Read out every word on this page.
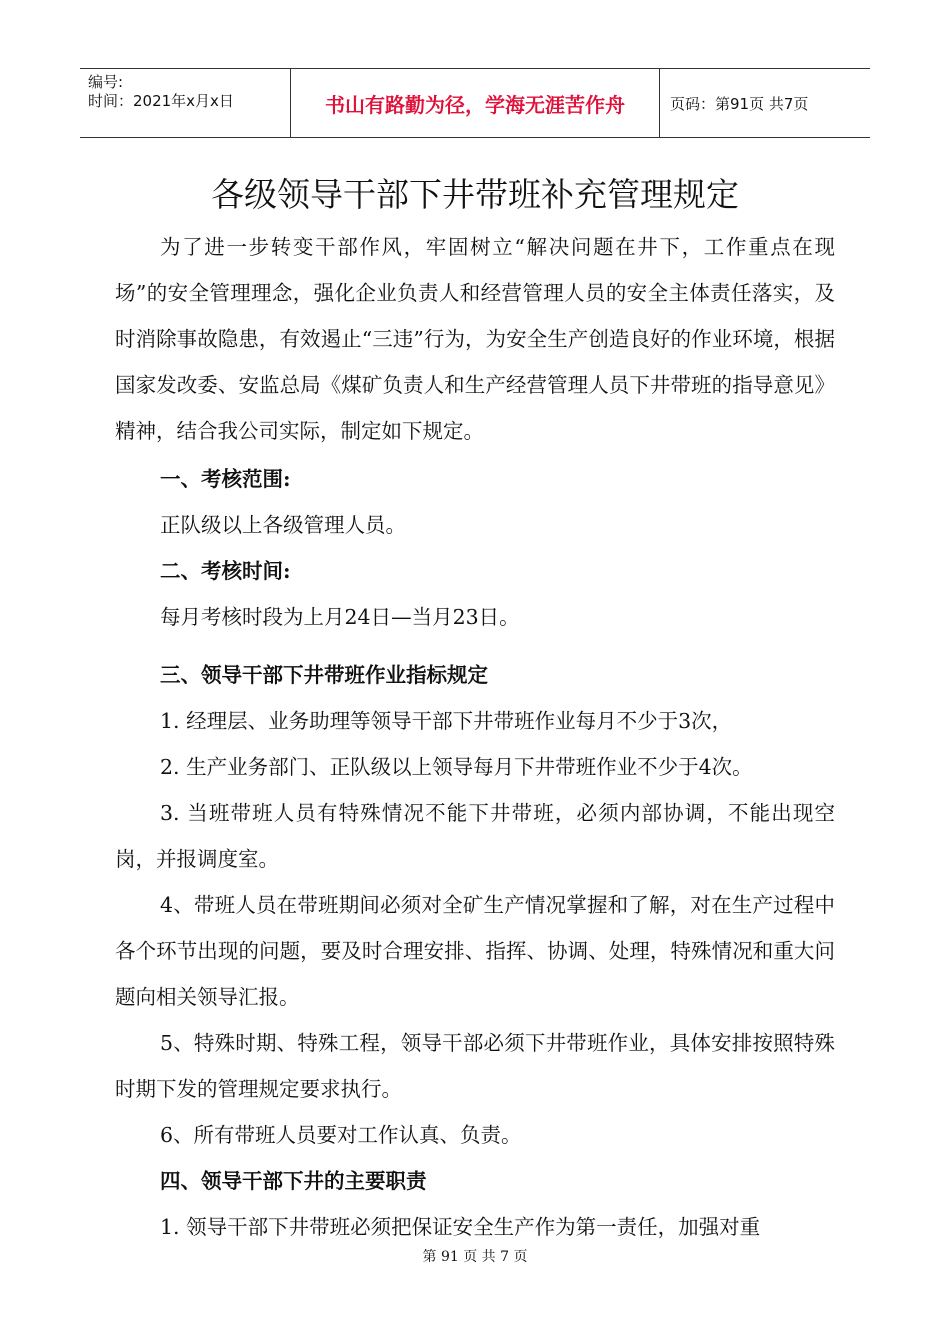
编号:
时间：2021年x月x日	书山有路勤为径，学海无涯苦作舟	页码：第91页 共7页
各级领导干部下井带班补充管理规定

为了进一步转变干部作风，牢固树立“解决问题在井下，工作重点在现场”的安全管理理念，强化企业负责人和经营管理人员的安全主体责任落实，及时消除事故隐患，有效遏止“三违”行为，为安全生产创造良好的作业环境，根据国家发改委、安监总局《煤矿负责人和生产经营管理人员下井带班的指导意见》精神，结合我公司实际，制定如下规定。

一、考核范围:

正队级以上各级管理人员。

二、考核时间:

每月考核时段为上月24日—当月23日。

三、领导干部下井带班作业指标规定

1. 经理层、业务助理等领导干部下井带班作业每月不少于3次，

2. 生产业务部门、正队级以上领导每月下井带班作业不少于4次。

3. 当班带班人员有特殊情况不能下井带班，必须内部协调，不能出现空岗，并报调度室。

4、带班人员在带班期间必须对全矿生产情况掌握和了解，对在生产过程中各个环节出现的问题，要及时合理安排、指挥、协调、处理，特殊情况和重大问题向相关领导汇报。

5、特殊时期、特殊工程，领导干部必须下井带班作业，具体安排按照特殊时期下发的管理规定要求执行。

6、所有带班人员要对工作认真、负责。

四、领导干部下井的主要职责

1. 领导干部下井带班必须把保证安全生产作为第一责任，加强对重

第 91 页 共 7 页
